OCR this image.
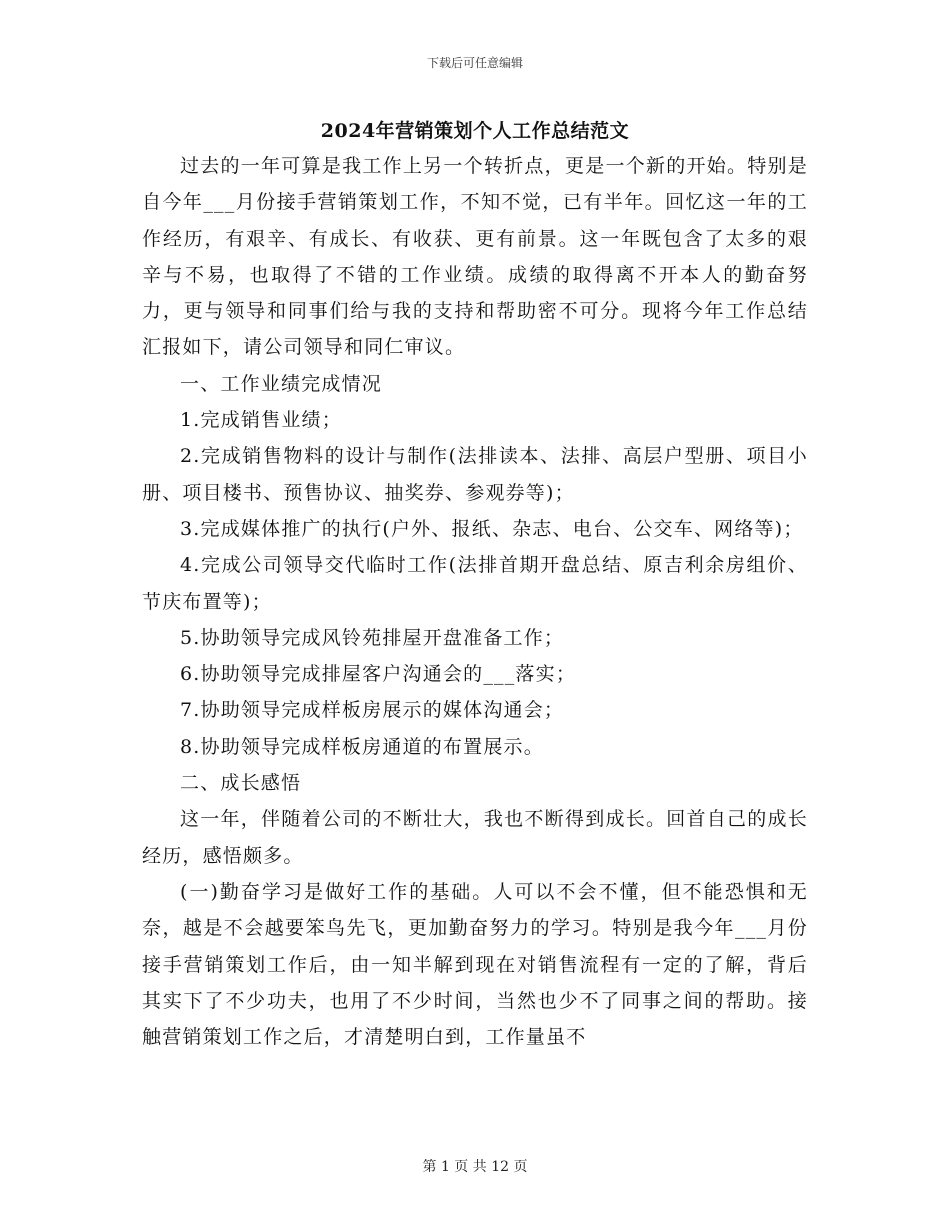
下载后可任意编辑
2024年营销策划个人工作总结范文

过去的一年可算是我工作上另一个转折点，更是一个新的开始。特别是自今年___月份接手营销策划工作，不知不觉，已有半年。回忆这一年的工作经历，有艰辛、有成长、有收获、更有前景。这一年既包含了太多的艰辛与不易，也取得了不错的工作业绩。成绩的取得离不开本人的勤奋努力，更与领导和同事们给与我的支持和帮助密不可分。现将今年工作总结汇报如下，请公司领导和同仁审议。

一、工作业绩完成情况

1.完成销售业绩；

2.完成销售物料的设计与制作(法排读本、法排、高层户型册、项目小册、项目楼书、预售协议、抽奖券、参观券等)；

3.完成媒体推广的执行(户外、报纸、杂志、电台、公交车、网络等)；

4.完成公司领导交代临时工作(法排首期开盘总结、原吉利余房组价、节庆布置等)；

5.协助领导完成风铃苑排屋开盘准备工作；

6.协助领导完成排屋客户沟通会的___落实；

7.协助领导完成样板房展示的媒体沟通会；

8.协助领导完成样板房通道的布置展示。

二、成长感悟

这一年，伴随着公司的不断壮大，我也不断得到成长。回首自己的成长经历，感悟颇多。

(一)勤奋学习是做好工作的基础。人可以不会不懂，但不能恐惧和无奈，越是不会越要笨鸟先飞，更加勤奋努力的学习。特别是我今年___月份接手营销策划工作后，由一知半解到现在对销售流程有一定的了解，背后其实下了不少功夫，也用了不少时间，当然也少不了同事之间的帮助。接触营销策划工作之后，才清楚明白到，工作量虽不

第 1 页 共 12 页
